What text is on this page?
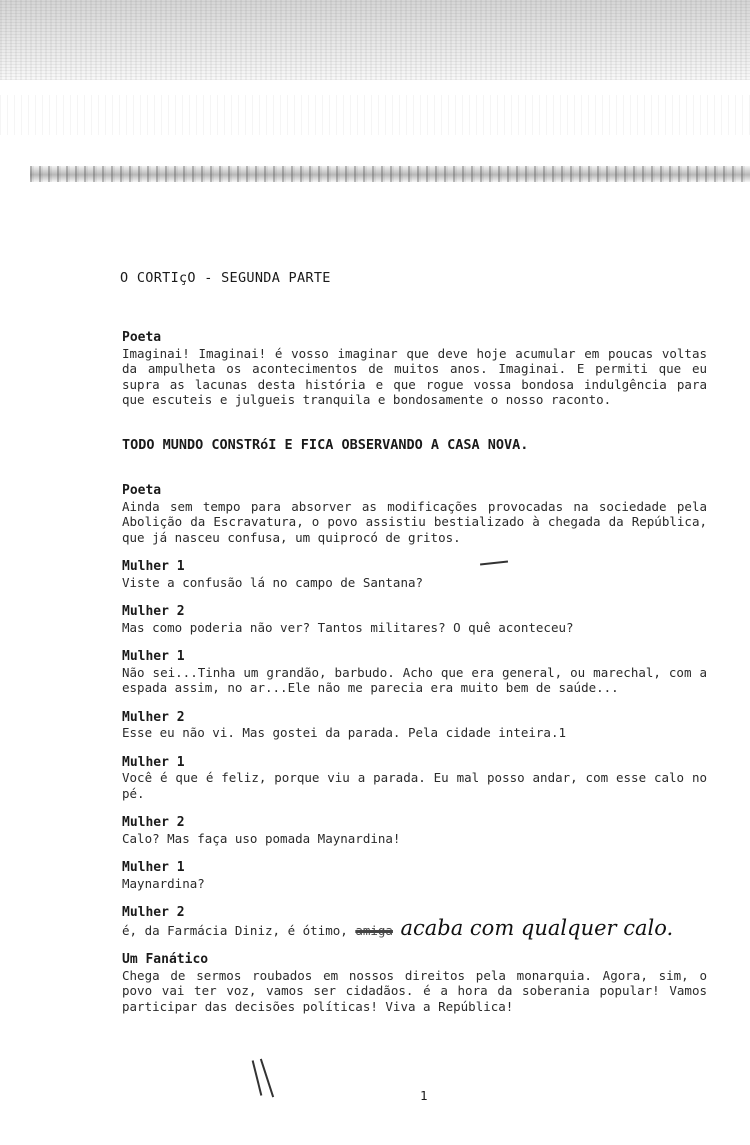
O CORTIçO - SEGUNDA PARTE
Poeta
Imaginai! Imaginai! é vosso imaginar que deve hoje acumular em poucas voltas da ampulheta os acontecimentos de muitos anos. Imaginai. E permiti que eu supra as lacunas desta história e que rogue vossa bondosa indulgência para que escuteis e julgueis tranquila e bondosamente o nosso raconto.
TODO MUNDO CONSTRóI E FICA OBSERVANDO A CASA NOVA.
Poeta
Ainda sem tempo para absorver as modificações provocadas na sociedade pela Abolição da Escravatura, o povo assistiu bestializado à chegada da República, que já nasceu confusa, um quiprocó de gritos.
Mulher 1
Viste a confusão lá no campo de Santana?
Mulher 2
Mas como poderia não ver? Tantos militares? O quê aconteceu?
Mulher 1
Não sei...Tinha um grandão, barbudo. Acho que era general, ou marechal, com a espada assim, no ar...Ele não me parecia era muito bem de saúde...
Mulher 2
Esse eu não vi. Mas gostei da parada. Pela cidade inteira.1
Mulher 1
Você é que é feliz, porque viu a parada. Eu mal posso andar, com esse calo no pé.
Mulher 2
Calo? Mas faça uso pomada Maynardina!
Mulher 1
Maynardina?
Mulher 2
é, da Farmácia Diniz, é ótimo, amiga acaba com qualquer calo.
Um Fanático
Chega de sermos roubados em nossos direitos pela monarquia. Agora, sim, o povo vai ter voz, vamos ser cidadãos. é a hora da soberania popular! Vamos participar das decisões políticas! Viva a República!
1
